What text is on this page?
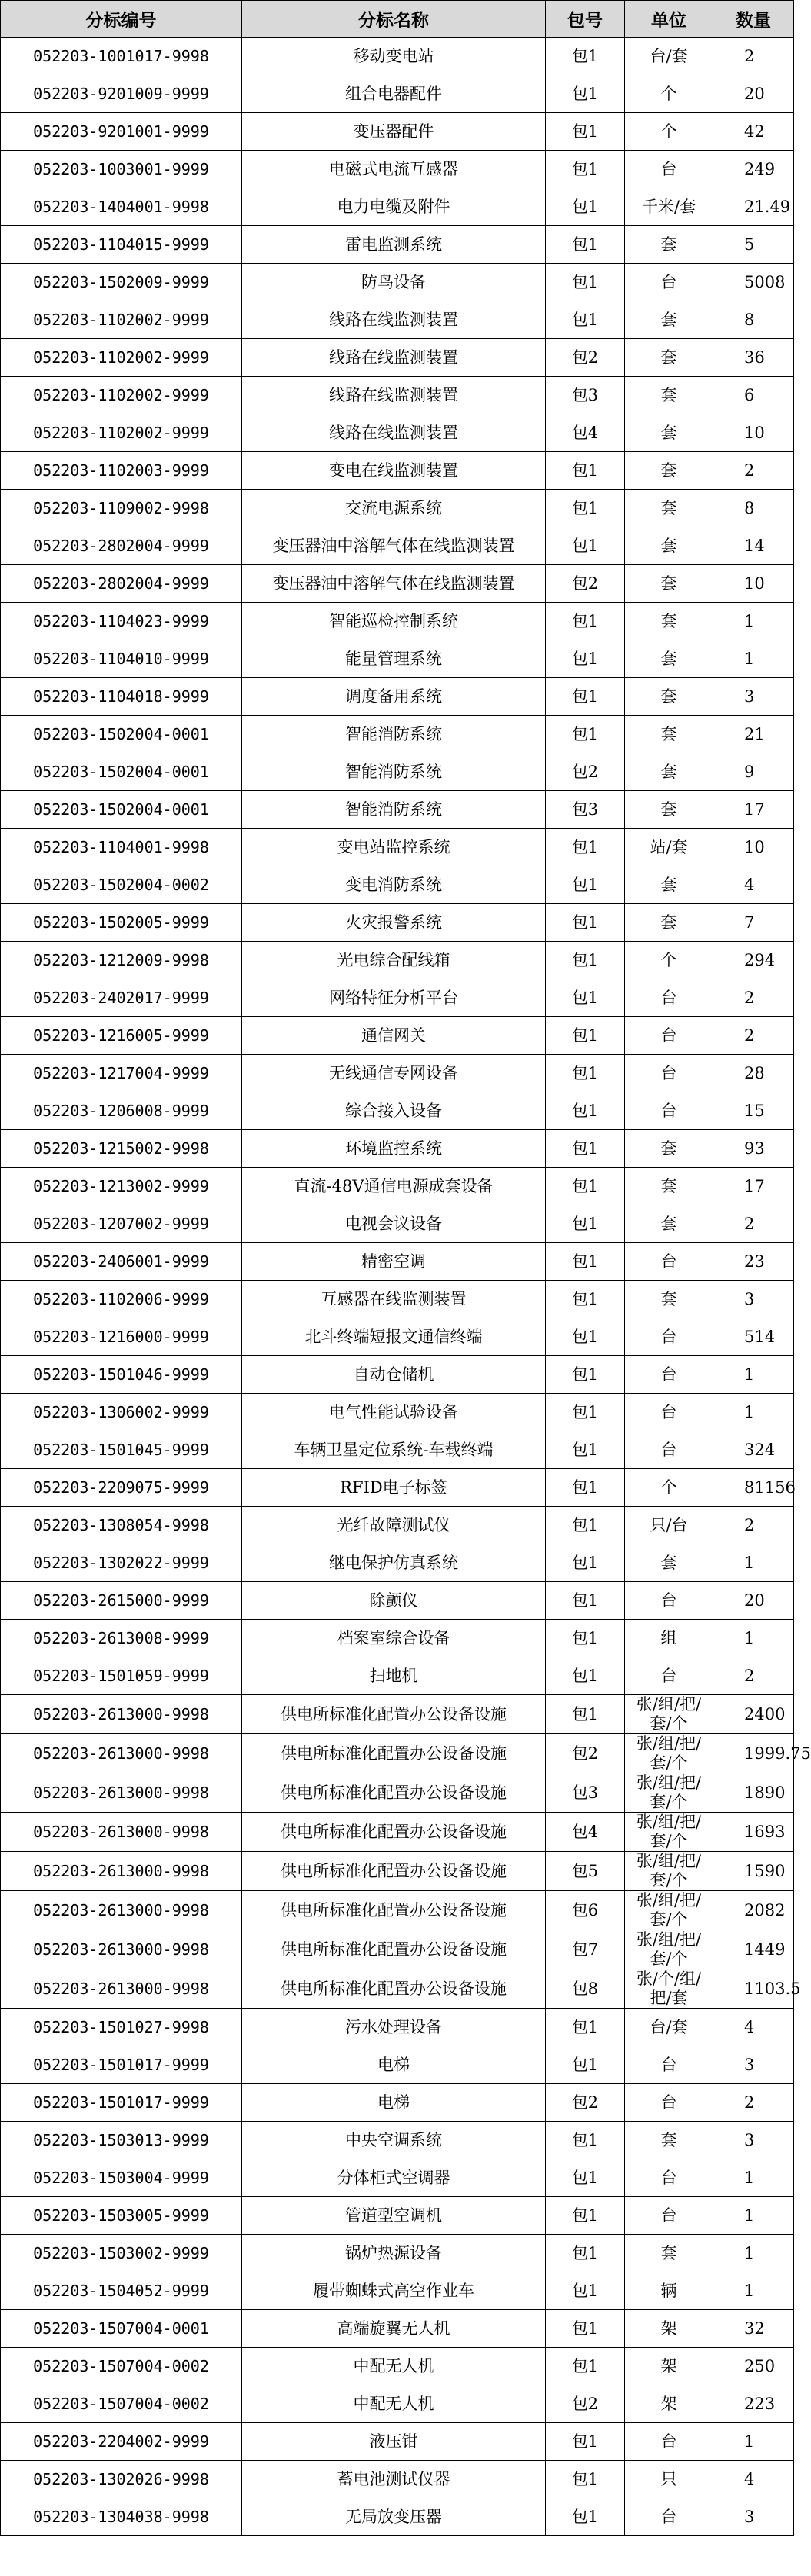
分标编号	分标名称	包号	单位	数量
052203-1001017-9998	移动变电站	包1	台/套	2
052203-9201009-9999	组合电器配件	包1	个	20
052203-9201001-9999	变压器配件	包1	个	42
052203-1003001-9999	电磁式电流互感器	包1	台	249
052203-1404001-9998	电力电缆及附件	包1	千米/套	21.49
052203-1104015-9999	雷电监测系统	包1	套	5
052203-1502009-9999	防鸟设备	包1	台	5008
052203-1102002-9999	线路在线监测装置	包1	套	8
052203-1102002-9999	线路在线监测装置	包2	套	36
052203-1102002-9999	线路在线监测装置	包3	套	6
052203-1102002-9999	线路在线监测装置	包4	套	10
052203-1102003-9999	变电在线监测装置	包1	套	2
052203-1109002-9998	交流电源系统	包1	套	8
052203-2802004-9999	变压器油中溶解气体在线监测装置	包1	套	14
052203-2802004-9999	变压器油中溶解气体在线监测装置	包2	套	10
052203-1104023-9999	智能巡检控制系统	包1	套	1
052203-1104010-9999	能量管理系统	包1	套	1
052203-1104018-9999	调度备用系统	包1	套	3
052203-1502004-0001	智能消防系统	包1	套	21
052203-1502004-0001	智能消防系统	包2	套	9
052203-1502004-0001	智能消防系统	包3	套	17
052203-1104001-9998	变电站监控系统	包1	站/套	10
052203-1502004-0002	变电消防系统	包1	套	4
052203-1502005-9999	火灾报警系统	包1	套	7
052203-1212009-9998	光电综合配线箱	包1	个	294
052203-2402017-9999	网络特征分析平台	包1	台	2
052203-1216005-9999	通信网关	包1	台	2
052203-1217004-9999	无线通信专网设备	包1	台	28
052203-1206008-9999	综合接入设备	包1	台	15
052203-1215002-9998	环境监控系统	包1	套	93
052203-1213002-9999	直流-48V通信电源成套设备	包1	套	17
052203-1207002-9999	电视会议设备	包1	套	2
052203-2406001-9999	精密空调	包1	台	23
052203-1102006-9999	互感器在线监测装置	包1	套	3
052203-1216000-9999	北斗终端短报文通信终端	包1	台	514
052203-1501046-9999	自动仓储机	包1	台	1
052203-1306002-9999	电气性能试验设备	包1	台	1
052203-1501045-9999	车辆卫星定位系统-车载终端	包1	台	324
052203-2209075-9999	RFID电子标签	包1	个	81156
052203-1308054-9998	光纤故障测试仪	包1	只/台	2
052203-1302022-9999	继电保护仿真系统	包1	套	1
052203-2615000-9999	除颤仪	包1	台	20
052203-2613008-9999	档案室综合设备	包1	组	1
052203-1501059-9999	扫地机	包1	台	2
052203-2613000-9998	供电所标准化配置办公设备设施	包1	张/组/把/套/个	2400
052203-2613000-9998	供电所标准化配置办公设备设施	包2	张/组/把/套/个	1999.75
052203-2613000-9998	供电所标准化配置办公设备设施	包3	张/组/把/套/个	1890
052203-2613000-9998	供电所标准化配置办公设备设施	包4	张/组/把/套/个	1693
052203-2613000-9998	供电所标准化配置办公设备设施	包5	张/组/把/套/个	1590
052203-2613000-9998	供电所标准化配置办公设备设施	包6	张/组/把/套/个	2082
052203-2613000-9998	供电所标准化配置办公设备设施	包7	张/组/把/套/个	1449
052203-2613000-9998	供电所标准化配置办公设备设施	包8	张/个/组/把/套	1103.5
052203-1501027-9998	污水处理设备	包1	台/套	4
052203-1501017-9999	电梯	包1	台	3
052203-1501017-9999	电梯	包2	台	2
052203-1503013-9999	中央空调系统	包1	套	3
052203-1503004-9999	分体柜式空调器	包1	台	1
052203-1503005-9999	管道型空调机	包1	台	1
052203-1503002-9999	锅炉热源设备	包1	套	1
052203-1504052-9999	履带蜘蛛式高空作业车	包1	辆	1
052203-1507004-0001	高端旋翼无人机	包1	架	32
052203-1507004-0002	中配无人机	包1	架	250
052203-1507004-0002	中配无人机	包2	架	223
052203-2204002-9999	液压钳	包1	台	1
052203-1302026-9998	蓄电池测试仪器	包1	只	4
052203-1304038-9998	无局放变压器	包1	台	3
